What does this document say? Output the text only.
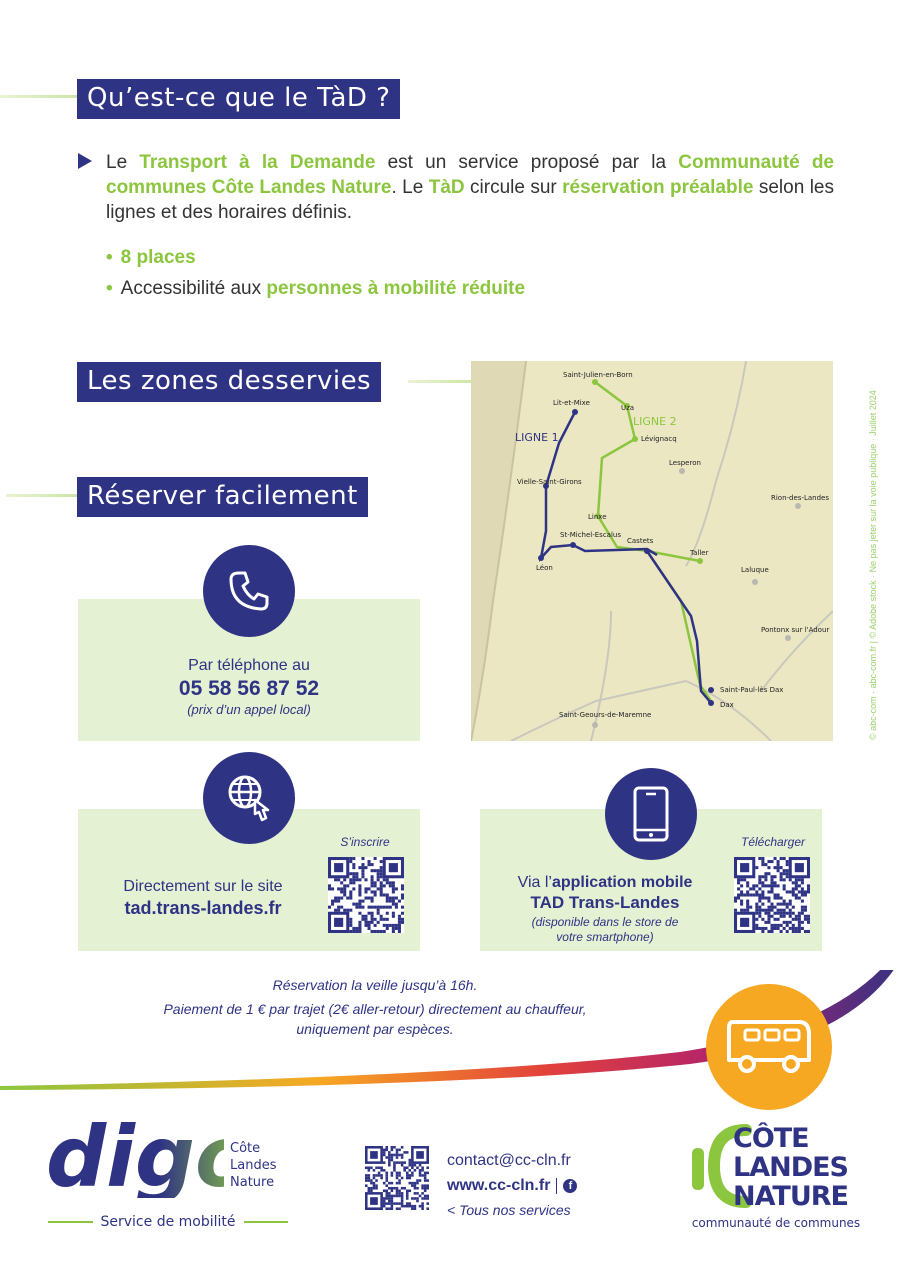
Qu’est-ce que le TàD ?
Le Transport à la Demande est un service proposé par la Communauté de communes Côte Landes Nature. Le TàD circule sur réservation préalable selon les lignes et des horaires définis.
• 8 places
• Accessibilité aux personnes à mobilité réduite
Les zones desservies
Réserver facilement
Saint-Julien-en-Born
Lit-et-Mixe
Uza
LIGNE 2
LIGNE 1	Lévignacq
Lesperon
Vielle-Saint-Girons
Rion-des-Landes
Linxe
St-Michel-Escalus
Castets
Taller
Léon	Laluque
Pontonx sur l'Adour
Saint-Paul-lès Dax
Dax
Saint-Geours-de-Maremne
Par téléphone au
05 58 56 87 52
(prix d’un appel local)
S’inscrire
Directement sur le site
tad.trans-landes.fr
Télécharger
Via l’application mobile
TAD Trans-Landes
(disponible dans le store de
votre smartphone)
Réservation la veille jusqu’à 16h.
Paiement de 1 € par trajet (2€ aller-retour) directement au chauffeur,
uniquement par espèces.
© abc-com · abc-com.fr | © Adobe stock · Ne pas jeter sur la voie publique · Juillet 2024
dig	Côte
Landes
Nature
Service de mobilité
contact@cc-cln.fr
www.cc-cln.fr	f
< Tous nos services
CÔTE
LANDES
NATURE
communauté de communes
